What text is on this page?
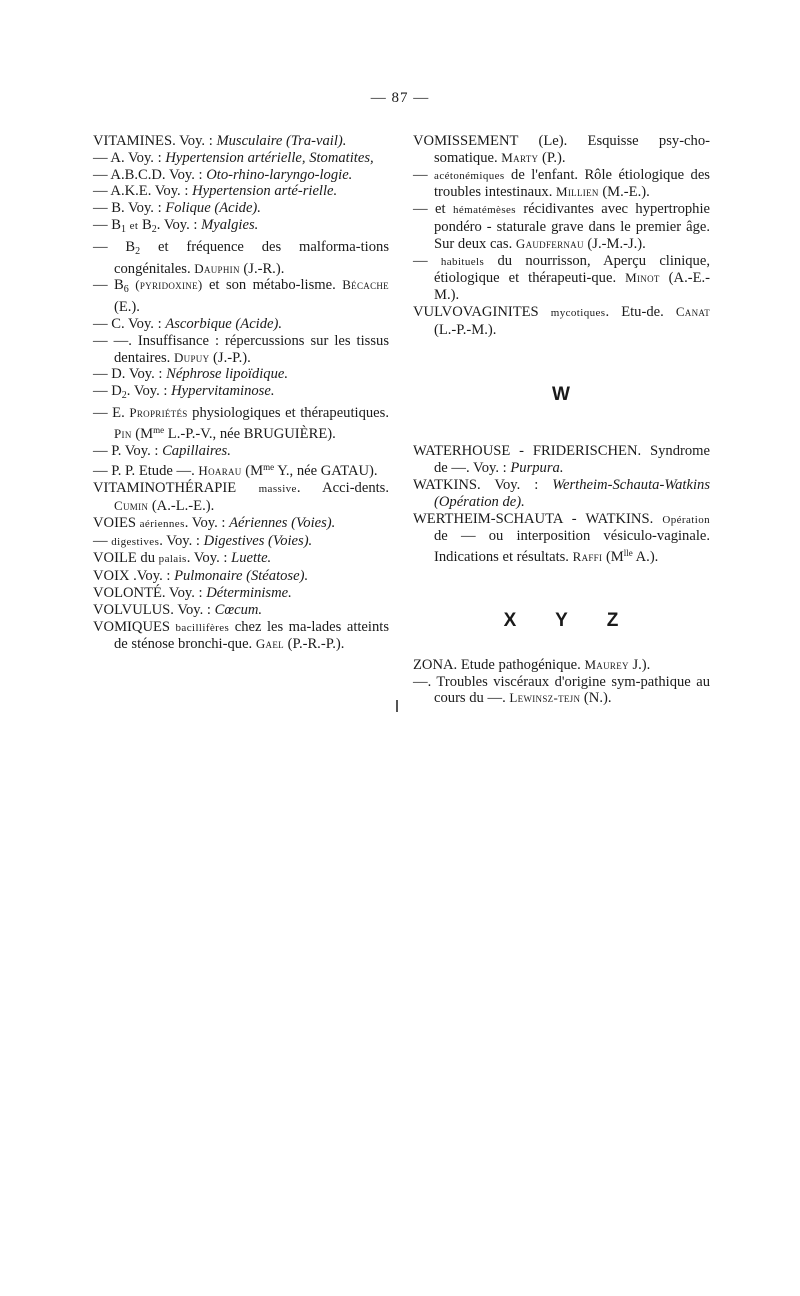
— 87 —

VITAMINES. Voy. : Musculaire (Tra-vail).

— A. Voy. : Hypertension artérielle, Stomatites,

— A.B.C.D. Voy. : Oto-rhino-laryngo-logie.

— A.K.E. Voy. : Hypertension arté-rielle.

— B. Voy. : Folique (Acide).

— $B_1$ et $B_2$. Voy. : Myalgies.

— $B_2$ et fréquence des malforma-tions congénitales. Dauphin (J.-R.).

— $B_6$ (pyridoxine) et son métabo-lisme. Bécache (E.).

— C. Voy. : Ascorbique (Acide).

— —. Insuffisance : répercussions sur les tissus dentaires. Dupuy (J.-P.).

— D. Voy. : Néphrose lipoïdique.

— $D_2$. Voy. : Hypervitaminose.

— E. Propriétés physiologiques et thérapeutiques. Pin ($M^{me}$ L.-P.-V., née BRUGUIÈRE).

— P. Voy. : Capillaires.

— P. P. Etude —. Hoarau ($M^{me}$ Y., née GATAU).

VITAMINOTHÉRAPIE massive. Acci-dents. Cumin (A.-L.-E.).

VOIES aériennes. Voy. : Aériennes (Voies).

— digestives. Voy. : Digestives (Voies).

VOILE du palais. Voy. : Luette.

VOIX .Voy. : Pulmonaire (Stéatose).

VOLONTÉ. Voy. : Déterminisme.

VOLVULUS. Voy. : Cœcum.

VOMIQUES bacillifères chez les ma-lades atteints de sténose bronchi-que. Gael (P.-R.-P.).

VOMISSEMENT (Le). Esquisse psy-cho-somatique. Marty (P.).

— acétonémiques de l'enfant. Rôle étiologique des troubles intestinaux. Millien (M.-E.).

— et hématémèses récidivantes avec hypertrophie pondéro - staturale grave dans le premier âge. Sur deux cas. Gaudfernau (J.-M.-J.).

— habituels du nourrisson, Aperçu clinique, étiologique et thérapeuti-que. Minot (A.-E.-M.).

VULVOVAGINITES mycotiques. Etu-de. Canat (L.-P.-M.).

W

WATERHOUSE - FRIDERISCHEN. Syndrome de —. Voy. : Purpura.

WATKINS. Voy. : Wertheim-Schauta-Watkins (Opération de).

WERTHEIM-SCHAUTA - WATKINS. Opération de — ou interposition vésiculo-vaginale. Indications et résultats. Raffi ($M^{lle}$ A.).

X Y Z

ZONA. Etude pathogénique. Maurey J.).

—. Troubles viscéraux d'origine sym-pathique au cours du —. Lewinsz-tejn (N.).
